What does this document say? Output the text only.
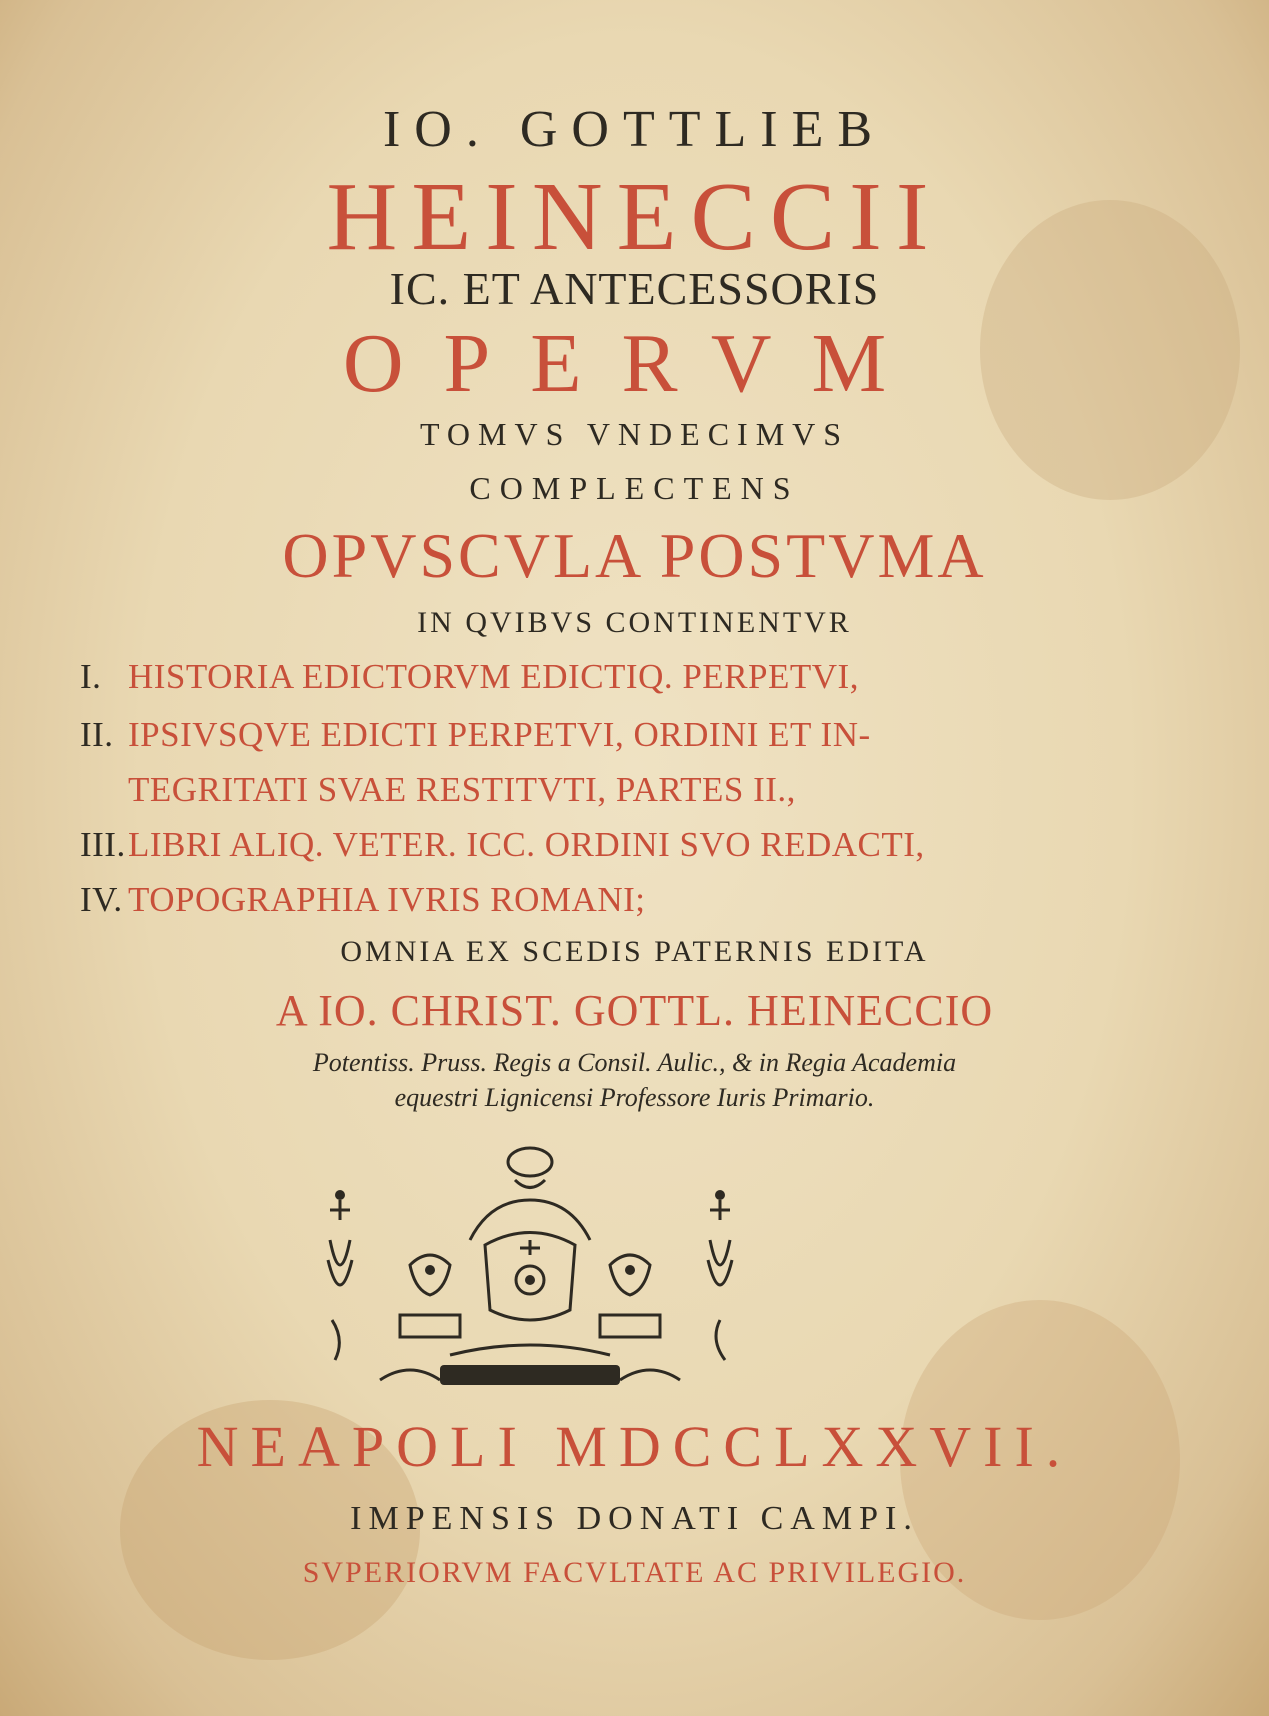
IO. GOTTLIEB
HEINECCII
IC. ET ANTECESSORIS
OPERVM
TOMVS VNDECIMVS
COMPLECTENS
OPVSCVLA POSTVMA
IN QVIBVS CONTINENTVR
I. HISTORIA EDICTORVM EDICTIQ. PERPETVI,
II. IPSIVSQVE EDICTI PERPETVI, ORDINI ET IN-
TEGRITATI SVAE RESTITVTI, PARTES II.,
III.LIBRI ALIQ. VETER. ICC. ORDINI SVO REDACTI,
IV. TOPOGRAPHIA IVRIS ROMANI;
OMNIA EX SCEDIS PATERNIS EDITA
A IO. CHRIST. GOTTL. HEINECCIO
Potentiss. Pruss. Regis a Consil. Aulic., & in Regia Academia
equestri Lignicensi Professore Iuris Primario.
NEAPOLI MDCCLXXVII.
IMPENSIS DONATI CAMPI.
SVPERIORVM FACVLTATE AC PRIVILEGIO.
